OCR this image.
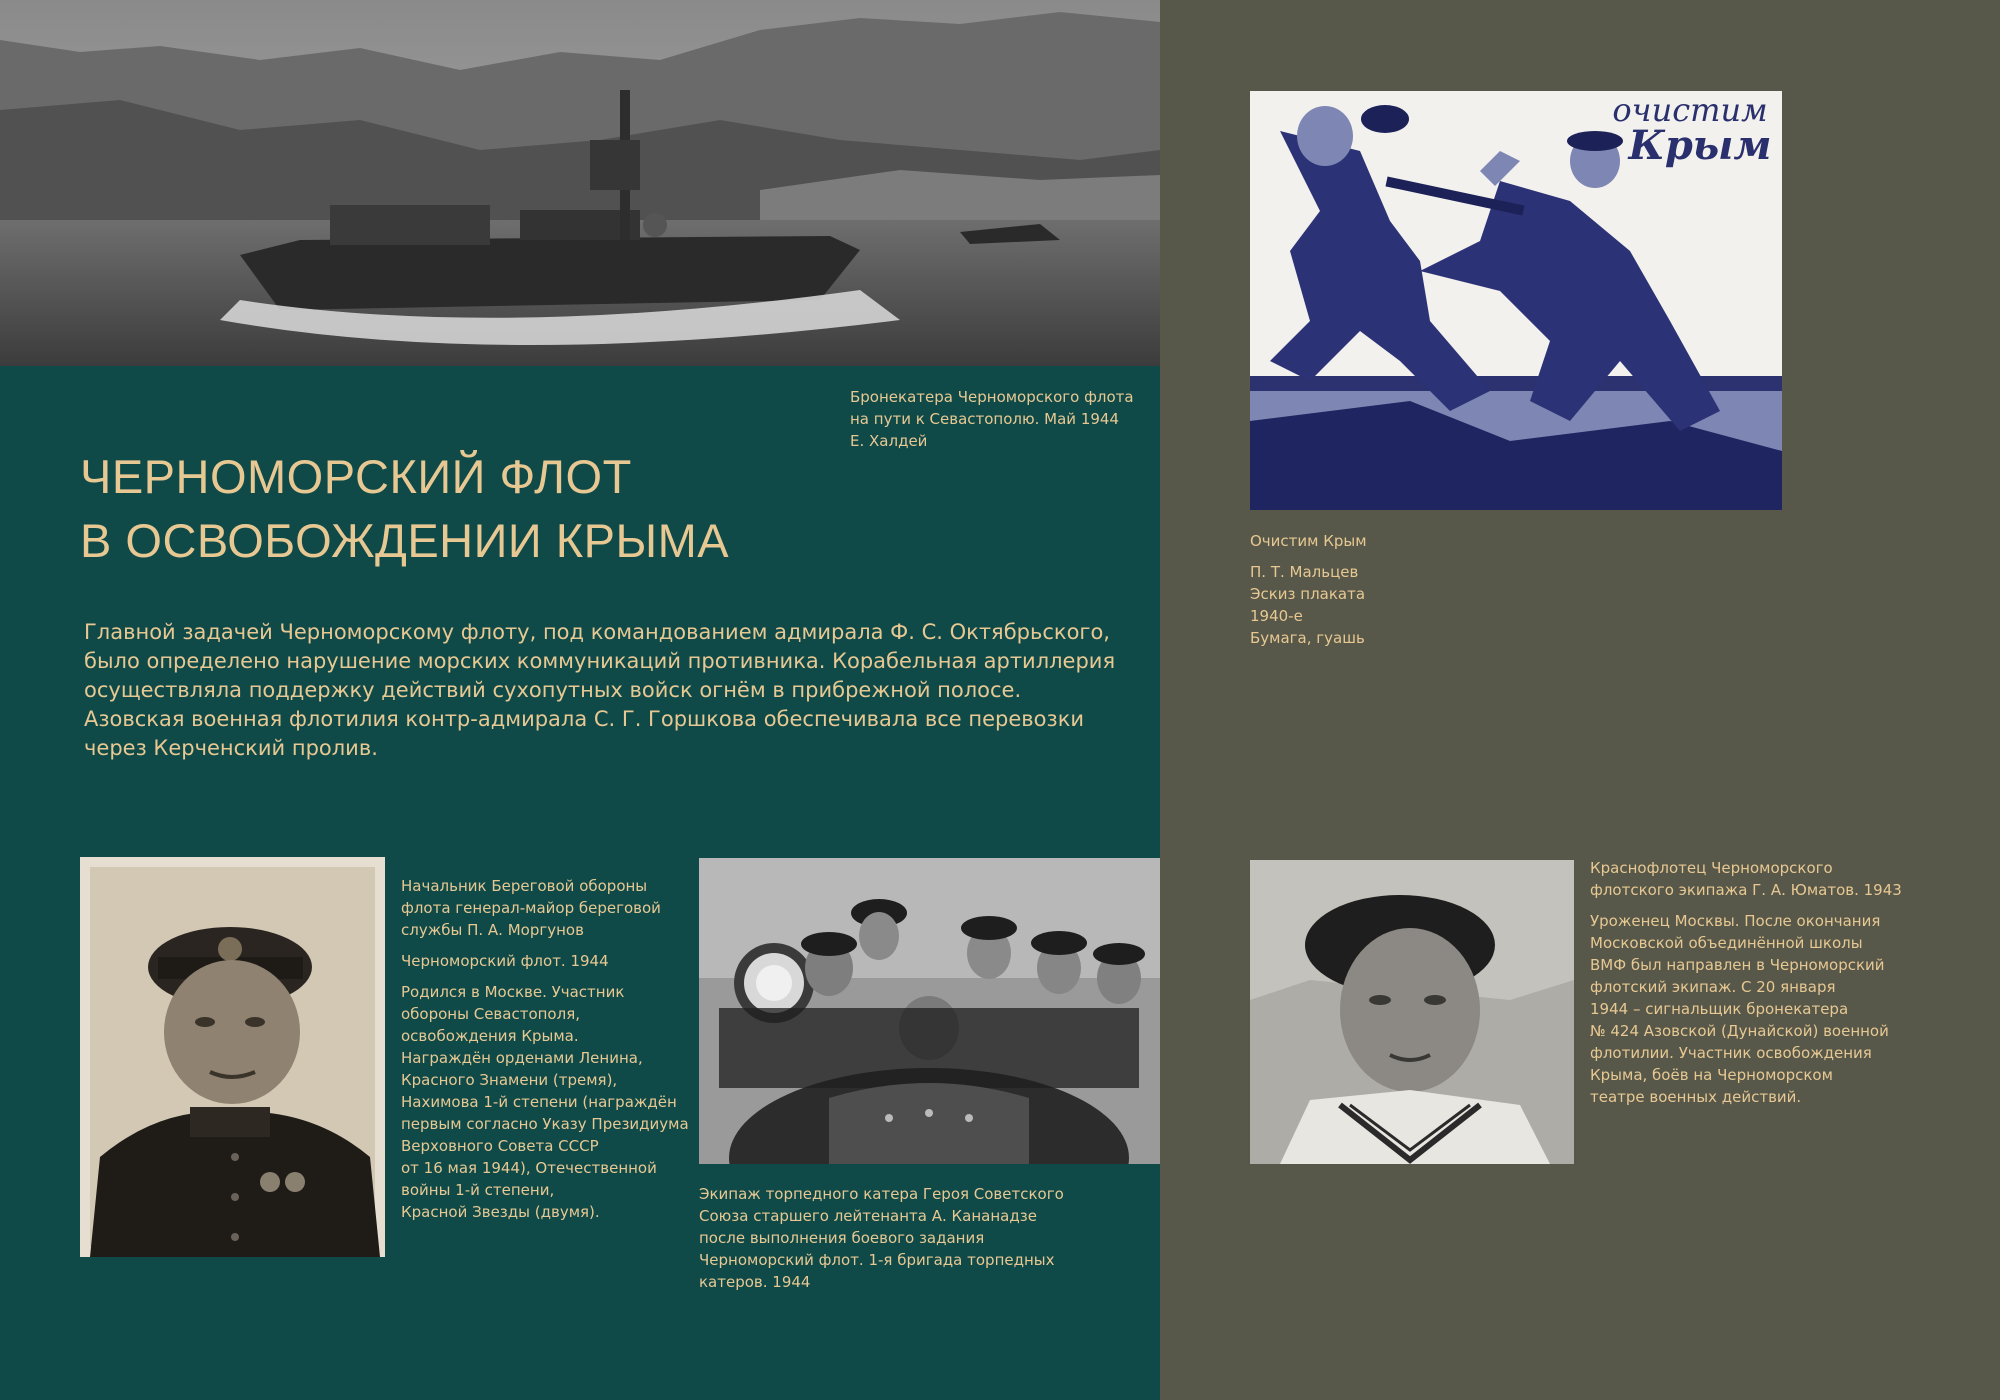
Бронекатера Черноморского флота
на пути к Севастополю. Май 1944
Е. Халдей
ЧЕРНОМОРСКИЙ ФЛОТ
В ОСВОБОЖДЕНИИ КРЫМА

Главной задачей Черноморскому флоту, под командованием адмирала Ф. С. Октябрьского, было определено нарушение морских коммуникаций противника. Корабельная артиллерия осуществляла поддержку действий сухопутных войск огнём в прибрежной полосе. Азовская военная флотилия контр-адмирала С. Г. Горшкова обеспечивала все перевозки через Керченский пролив.

Начальник Береговой обороны флота генерал-майор береговой службы П. А. Моргунов

Черноморский флот. 1944

Родился в Москве. Участник
обороны Севастополя,
освобождения Крыма.
Награждён орденами Ленина,
Красного Знамени (тремя),
Нахимова 1-й степени (награждён
первым согласно Указу Президиума
Верховного Совета СССР
от 16 мая 1944), Отечественной
войны 1-й степени,
Красной Звезды (двумя).
Экипаж торпедного катера Героя Советского
Союза старшего лейтенанта А. Кананадзе
после выполнения боевого задания
Черноморский флот. 1-я бригада торпедных
катеров. 1944
очистим
Крым

Очистим Крым

П. Т. Мальцев
Эскиз плаката
1940-е
Бумага, гуашь

Краснофлотец Черноморского
флотского экипажа Г. А. Юматов. 1943

Уроженец Москвы. После окончания
Московской объединённой школы
ВМФ был направлен в Черноморский
флотский экипаж. С 20 января
1944 – сигнальщик бронекатера
№ 424 Азовской (Дунайской) военной
флотилии. Участник освобождения
Крыма, боёв на Черноморском
театре военных действий.
